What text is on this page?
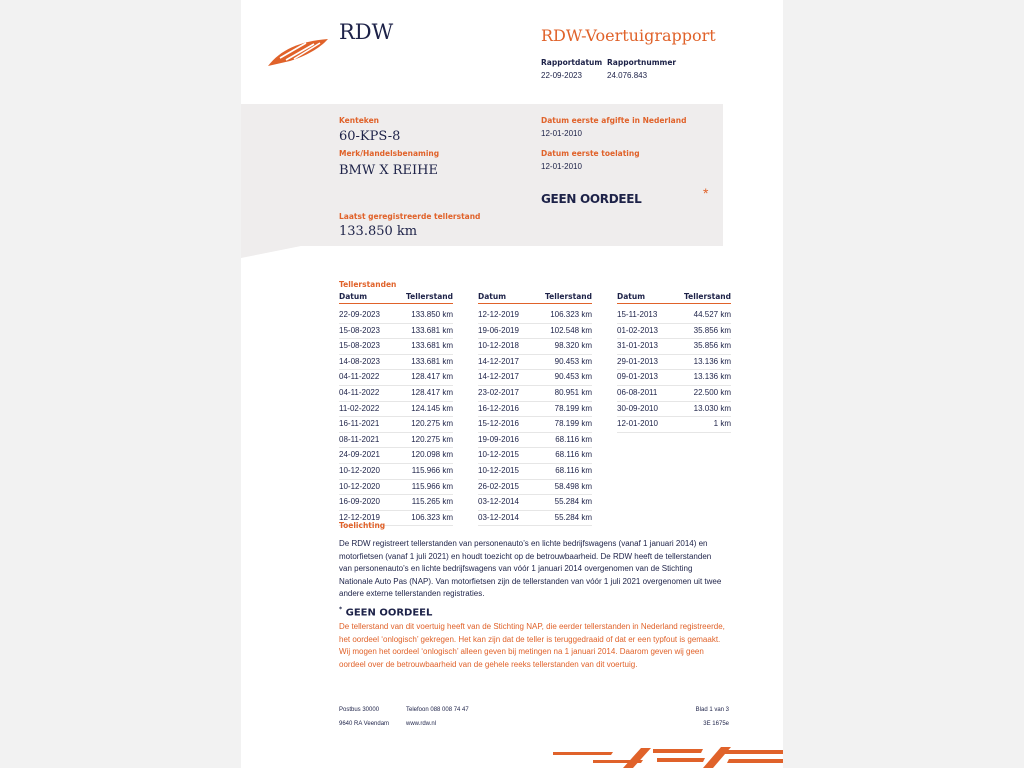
RDW	RDW-Voertuigrapport
Rapportdatum
22-09-2023
Rapportnummer
24.076.843
Kenteken
60-KPS-8
Merk/Handelsbenaming
BMW X REIHE
Datum eerste afgifte in Nederland
12-01-2010
Datum eerste toelating
12-01-2010
GEEN OORDEEL	*
Laatst geregistreerde tellerstand
133.850 km
Tellerstanden
Datum	Tellerstand
22-09-2023	133.850 km
15-08-2023	133.681 km
15-08-2023	133.681 km
14-08-2023	133.681 km
04-11-2022	128.417 km
04-11-2022	128.417 km
11-02-2022	124.145 km
16-11-2021	120.275 km
08-11-2021	120.275 km
24-09-2021	120.098 km
10-12-2020	115.966 km
10-12-2020	115.966 km
16-09-2020	115.265 km
12-12-2019	106.323 km
Datum	Tellerstand
12-12-2019	106.323 km
19-06-2019	102.548 km
10-12-2018	98.320 km
14-12-2017	90.453 km
14-12-2017	90.453 km
23-02-2017	80.951 km
16-12-2016	78.199 km
15-12-2016	78.199 km
19-09-2016	68.116 km
10-12-2015	68.116 km
10-12-2015	68.116 km
26-02-2015	58.498 km
03-12-2014	55.284 km
03-12-2014	55.284 km
Datum	Tellerstand
15-11-2013	44.527 km
01-02-2013	35.856 km
31-01-2013	35.856 km
29-01-2013	13.136 km
09-01-2013	13.136 km
06-08-2011	22.500 km
30-09-2010	13.030 km
12-01-2010	1 km
Toelichting
De RDW registreert tellerstanden van personenauto’s en lichte bedrijfswagens (vanaf 1 januari 2014) en motorfietsen (vanaf 1 juli 2021) en houdt toezicht op de betrouwbaarheid. De RDW heeft de tellerstanden van personenauto’s en lichte bedrijfswagens van vóór 1 januari 2014 overgenomen van de Stichting Nationale Auto Pas (NAP). Van motorfietsen zijn de tellerstanden van vóór 1 juli 2021 overgenomen uit twee andere externe tellerstanden registraties.
* GEEN OORDEEL
De tellerstand van dit voertuig heeft van de Stichting NAP, die eerder tellerstanden in Nederland registreerde, het oordeel ‘onlogisch’ gekregen. Het kan zijn dat de teller is teruggedraaid of dat er een typfout is gemaakt. Wij mogen het oordeel ‘onlogisch’ alleen geven bij metingen na 1 januari 2014. Daarom geven wij geen oordeel over de betrouwbaarheid van de gehele reeks tellerstanden van dit voertuig.
Postbus 30000
9640 RA Veendam
Telefoon 088 008 74 47
www.rdw.nl
Blad 1 van 3
3E 1675e
